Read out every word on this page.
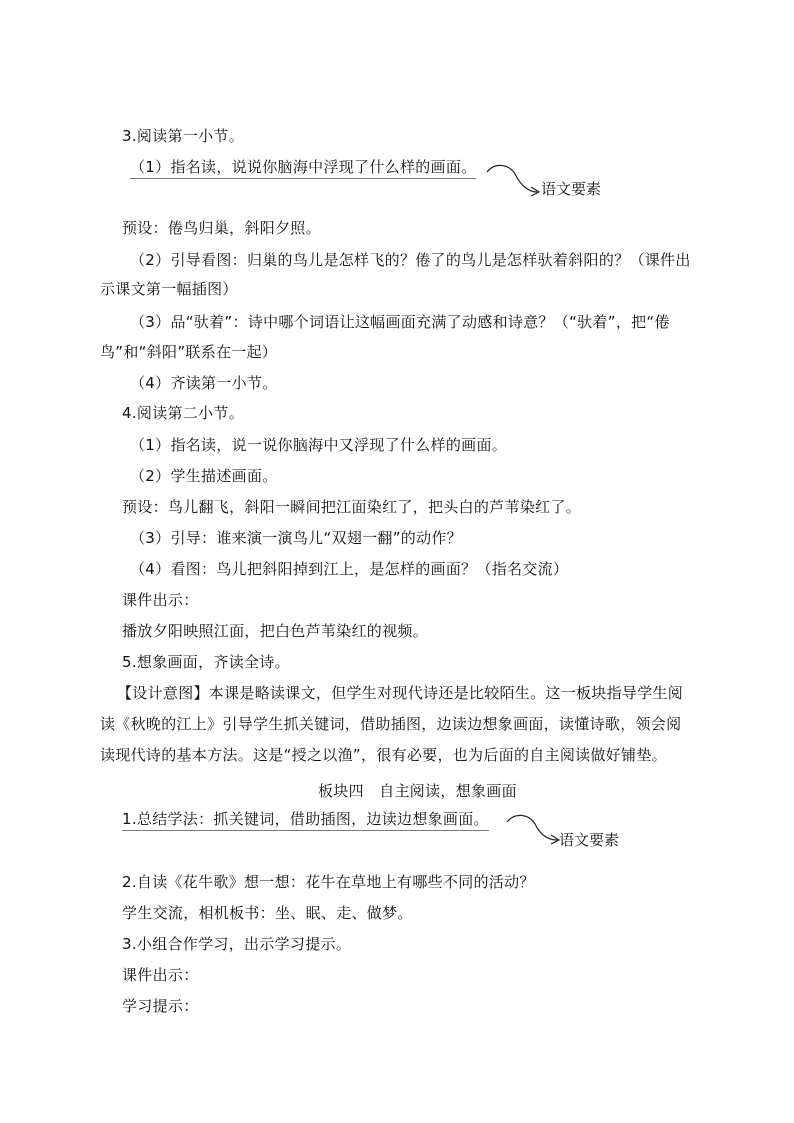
3.阅读第一小节。
（1）指名读，说说你脑海中浮现了什么样的画面。
语文要素
预设：倦鸟归巢，斜阳夕照。
（2）引导看图：归巢的鸟儿是怎样飞的？倦了的鸟儿是怎样驮着斜阳的？（课件出
示课文第一幅插图）
（3）品“驮着”：诗中哪个词语让这幅画面充满了动感和诗意？（“驮着”，把“倦
鸟”和“斜阳”联系在一起）
（4）齐读第一小节。
4.阅读第二小节。
（1）指名读，说一说你脑海中又浮现了什么样的画面。
（2）学生描述画面。
预设：鸟儿翻飞，斜阳一瞬间把江面染红了，把头白的芦苇染红了。
（3）引导：谁来演一演鸟儿“双翅一翻”的动作？
（4）看图：鸟儿把斜阳掉到江上，是怎样的画面？（指名交流）
课件出示：
播放夕阳映照江面，把白色芦苇染红的视频。
5.想象画面，齐读全诗。
【设计意图】本课是略读课文，但学生对现代诗还是比较陌生。这一板块指导学生阅
读《秋晚的江上》引导学生抓关键词，借助插图，边读边想象画面，读懂诗歌，领会阅
读现代诗的基本方法。这是“授之以渔”，很有必要，也为后面的自主阅读做好铺垫。
板块四　自主阅读，想象画面
1.总结学法：抓关键词，借助插图，边读边想象画面。
语文要素
2.自读《花牛歌》想一想：花牛在草地上有哪些不同的活动？
学生交流，相机板书：坐、眠、走、做梦。
3.小组合作学习，出示学习提示。
课件出示：
学习提示：
